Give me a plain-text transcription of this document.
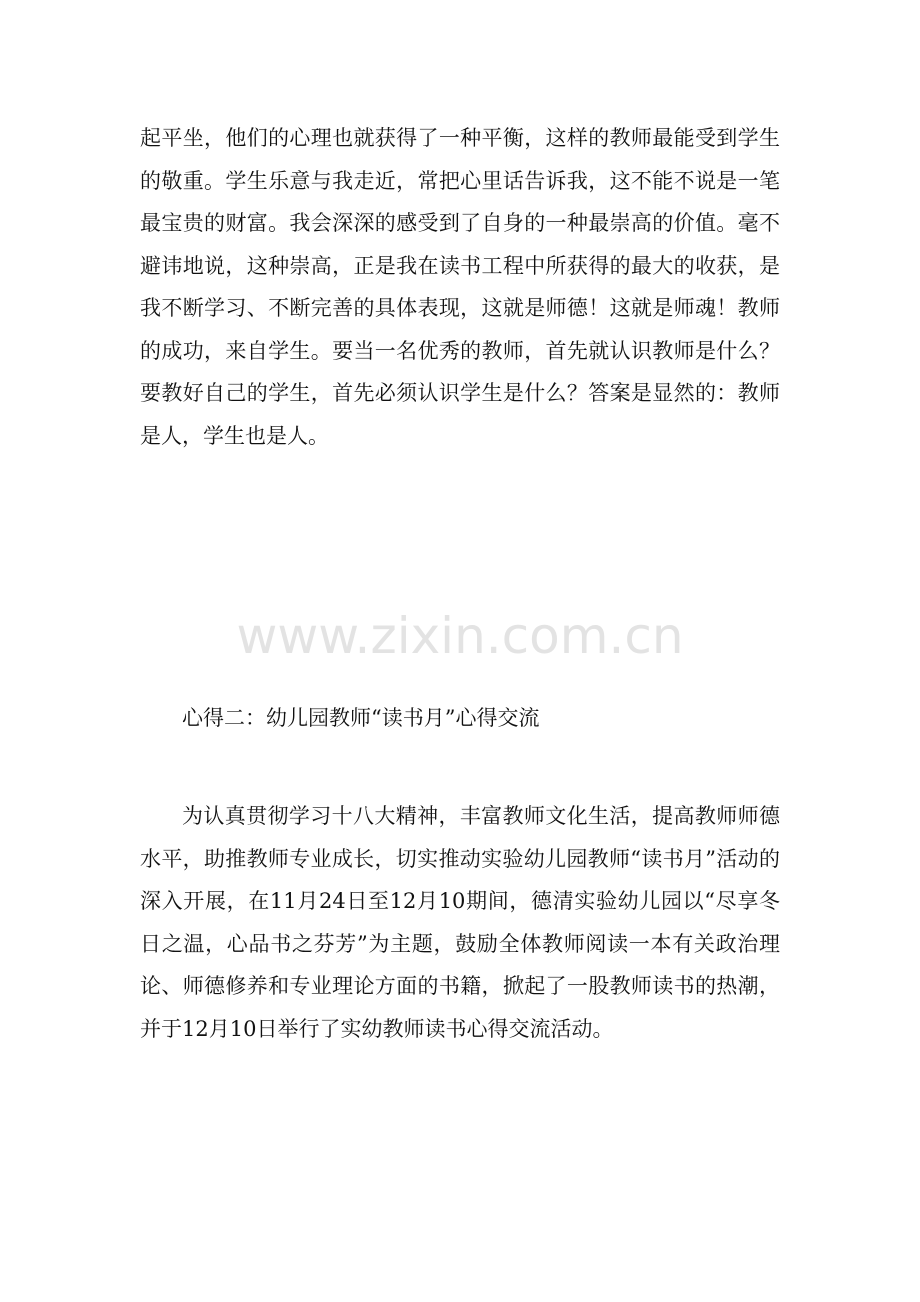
起平坐，他们的心理也就获得了一种平衡，这样的教师最能受到学生的敬重。学生乐意与我走近，常把心里话告诉我，这不能不说是一笔最宝贵的财富。我会深深的感受到了自身的一种最崇高的价值。毫不避讳地说，这种崇高，正是我在读书工程中所获得的最大的收获，是我不断学习、不断完善的具体表现，这就是师德！这就是师魂！教师的成功，来自学生。要当一名优秀的教师，首先就认识教师是什么？要教好自己的学生，首先必须认识学生是什么？答案是显然的：教师是人，学生也是人。

www.zixin.com.cn
心得二：幼儿园教师“读书月”心得交流

为认真贯彻学习十八大精神，丰富教师文化生活，提高教师师德水平，助推教师专业成长，切实推动实验幼儿园教师“读书月”活动的深入开展，在11月24日至12月10期间，德清实验幼儿园以“尽享冬日之温，心品书之芬芳”为主题，鼓励全体教师阅读一本有关政治理论、师德修养和专业理论方面的书籍，掀起了一股教师读书的热潮，并于12月10日举行了实幼教师读书心得交流活动。
